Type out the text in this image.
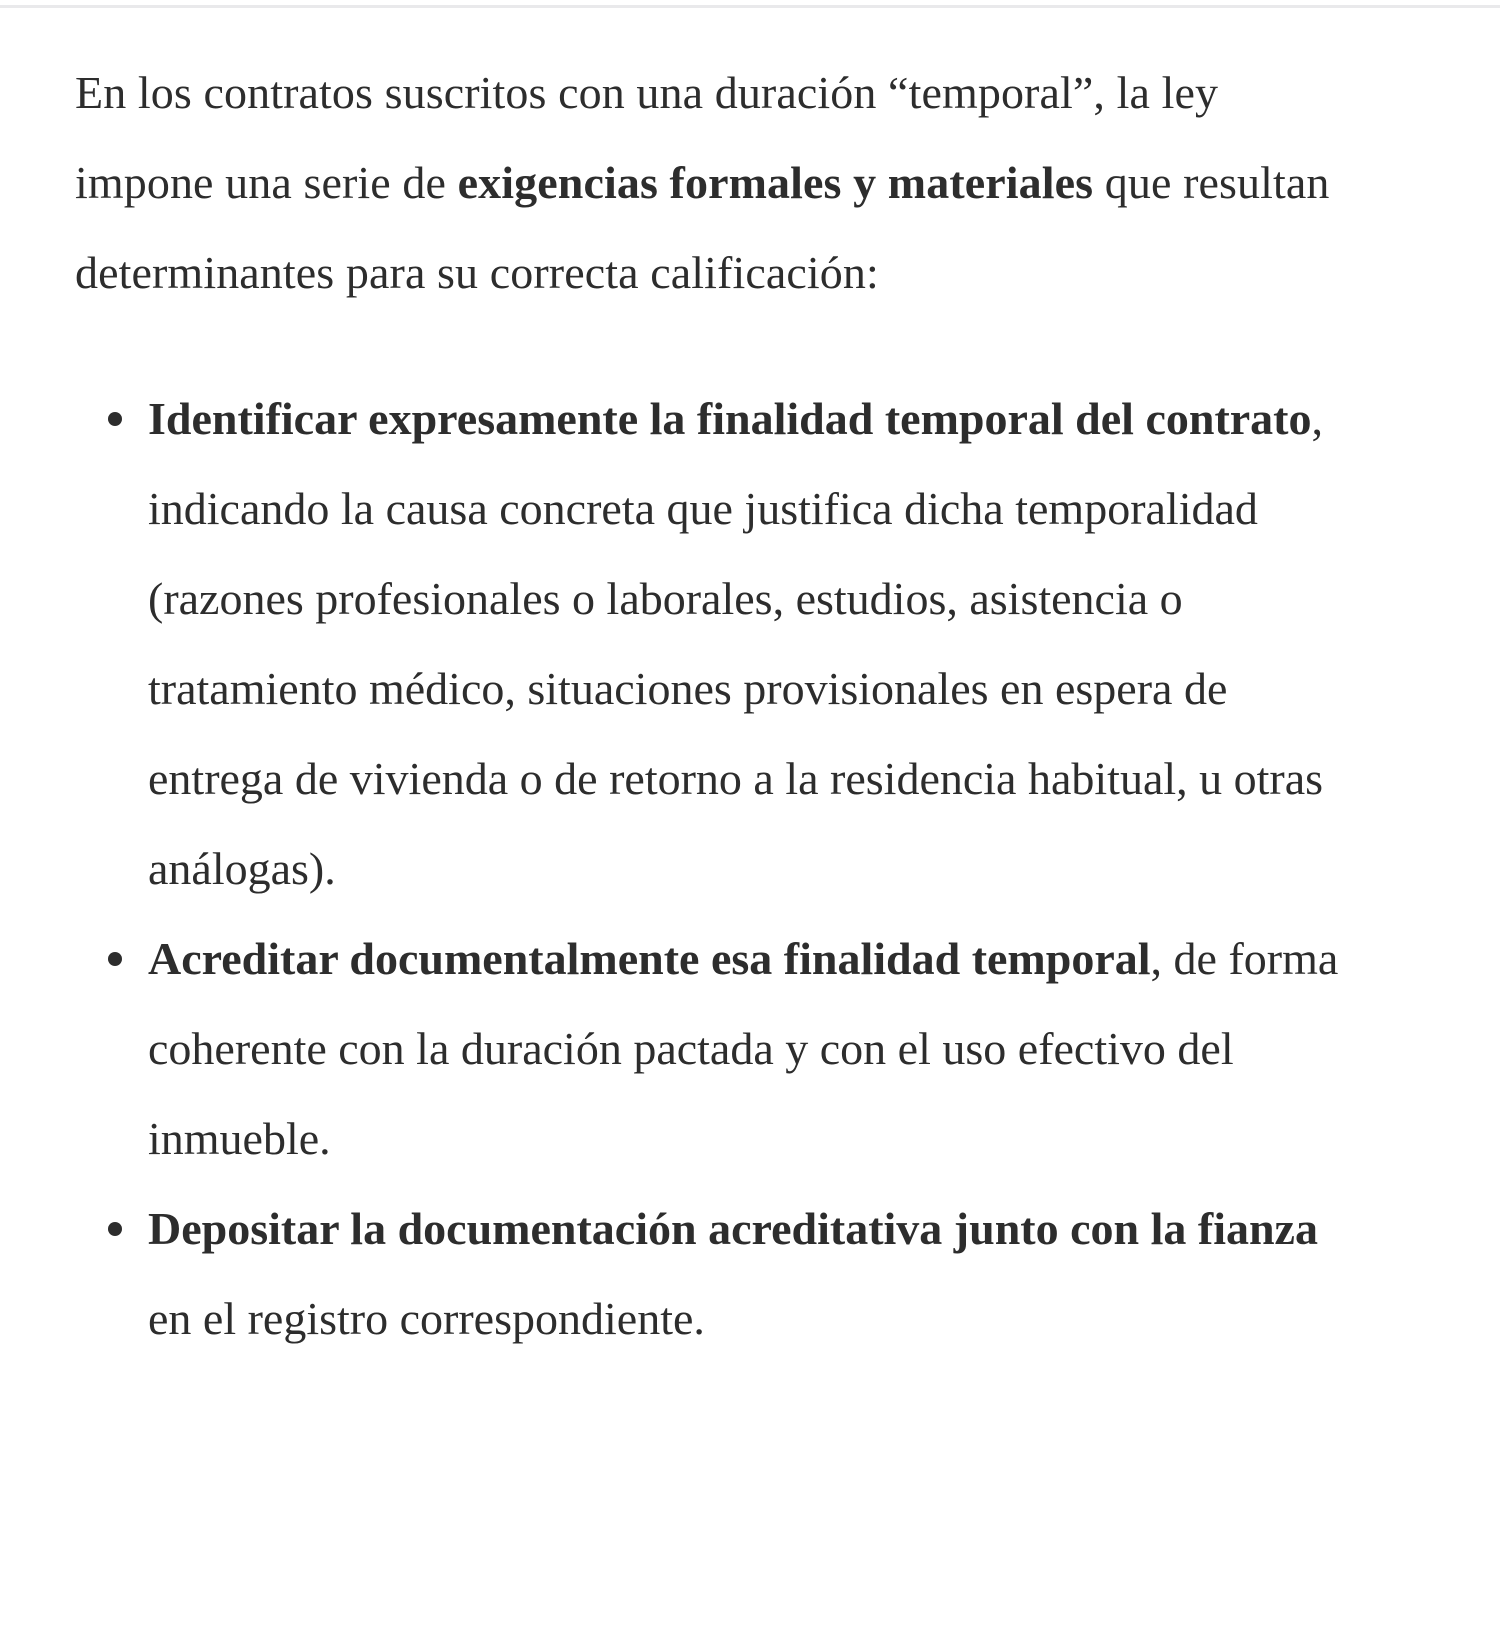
En los contratos suscritos con una duración “temporal”, la ley impone una serie de exigencias formales y materiales que resultan determinantes para su correcta calificación:

Identificar expresamente la finalidad temporal del contrato, indicando la causa concreta que justifica dicha temporalidad (razones profesionales o laborales, estudios, asistencia o tratamiento médico, situaciones provisionales en espera de entrega de vivienda o de retorno a la residencia habitual, u otras análogas).
Acreditar documentalmente esa finalidad temporal, de forma coherente con la duración pactada y con el uso efectivo del inmueble.
Depositar la documentación acreditativa junto con la fianza en el registro correspondiente.
